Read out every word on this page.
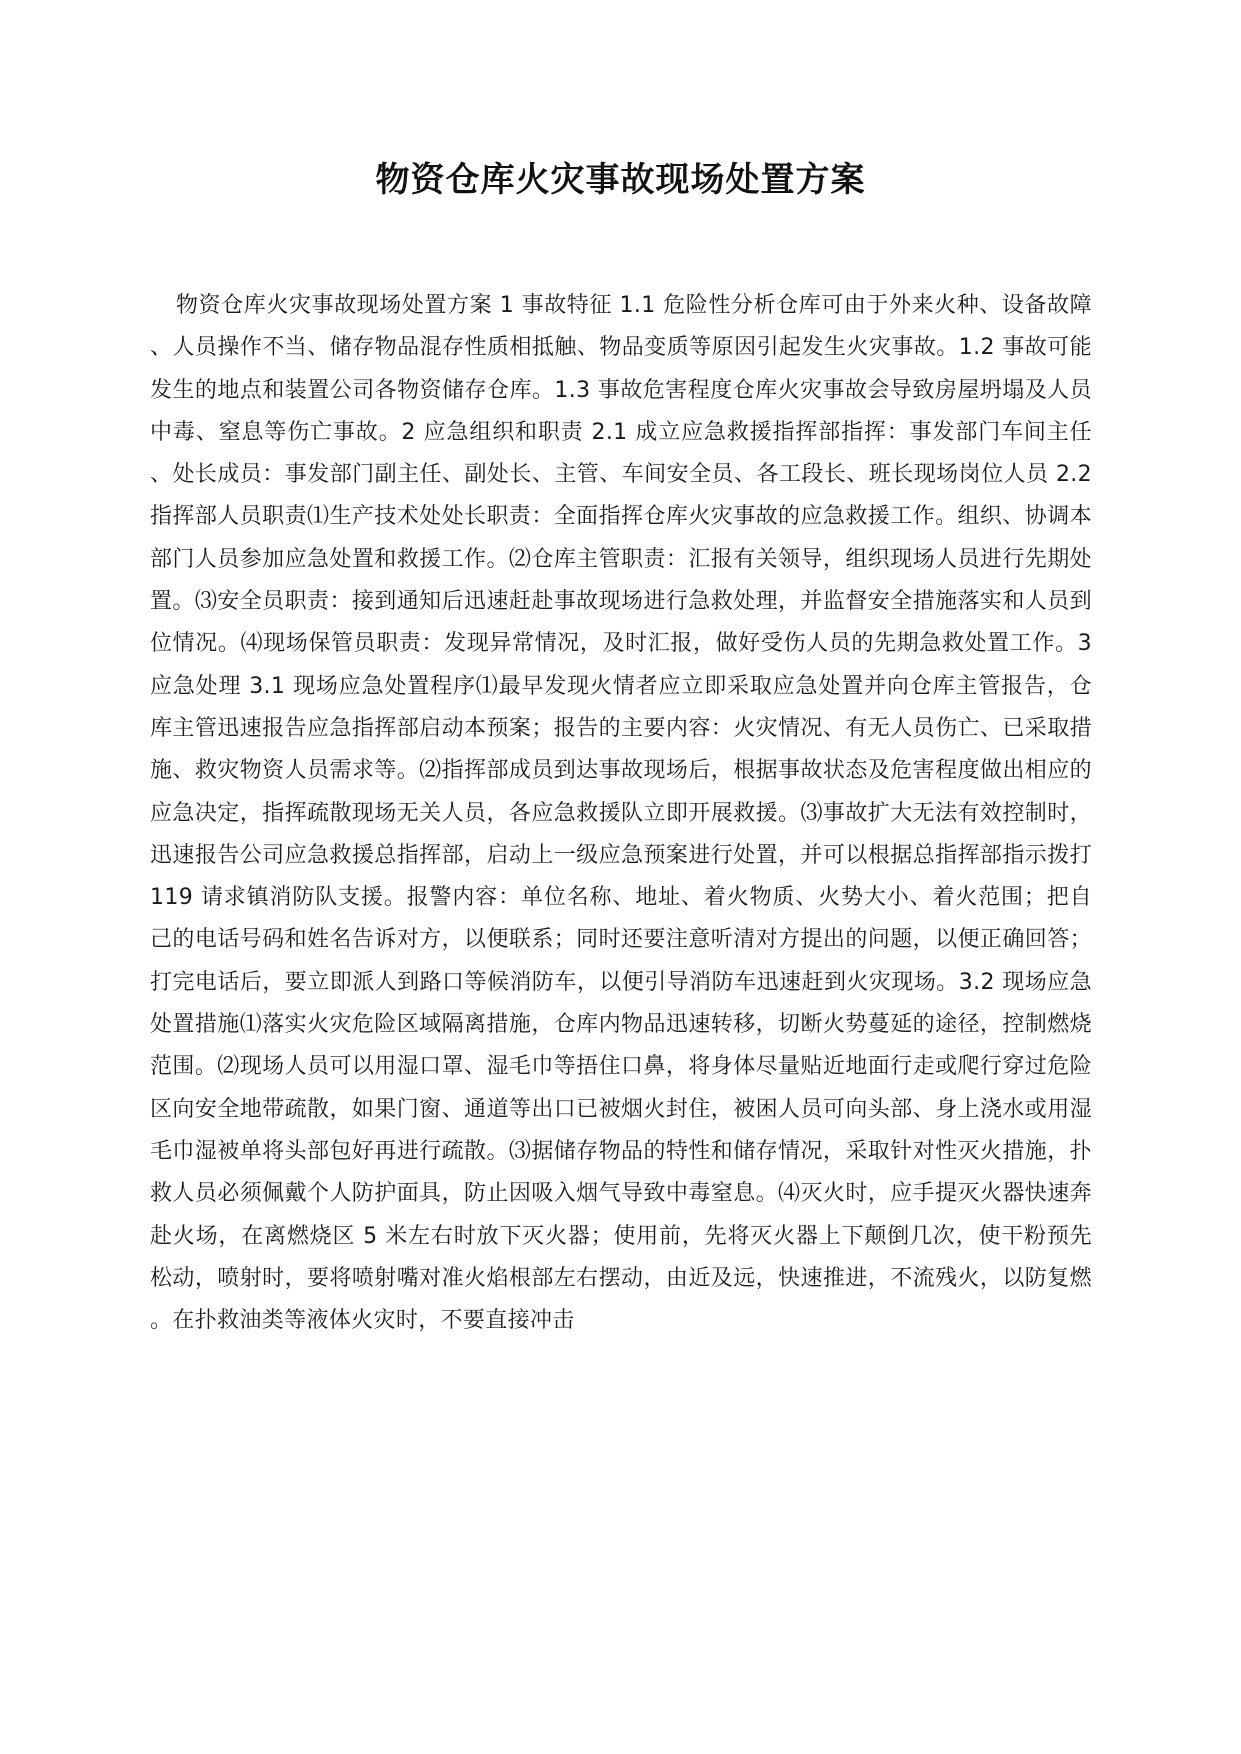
物资仓库火灾事故现场处置方案

物资仓库火灾事故现场处置方案 1 事故特征 1.1 危险性分析仓库可由于外来火种、设备故障、人员操作不当、储存物品混存性质相抵触、物品变质等原因引起发生火灾事故。1.2 事故可能发生的地点和装置公司各物资储存仓库。1.3 事故危害程度仓库火灾事故会导致房屋坍塌及人员中毒、窒息等伤亡事故。2 应急组织和职责 2.1 成立应急救援指挥部指挥：事发部门车间主任、处长成员：事发部门副主任、副处长、主管、车间安全员、各工段长、班长现场岗位人员 2.2 指挥部人员职责⑴生产技术处处长职责：全面指挥仓库火灾事故的应急救援工作。组织、协调本部门人员参加应急处置和救援工作。⑵仓库主管职责：汇报有关领导，组织现场人员进行先期处置。⑶安全员职责：接到通知后迅速赶赴事故现场进行急救处理，并监督安全措施落实和人员到位情况。⑷现场保管员职责：发现异常情况，及时汇报，做好受伤人员的先期急救处置工作。3 应急处理 3.1 现场应急处置程序⑴最早发现火情者应立即采取应急处置并向仓库主管报告，仓库主管迅速报告应急指挥部启动本预案；报告的主要内容：火灾情况、有无人员伤亡、已采取措施、救灾物资人员需求等。⑵指挥部成员到达事故现场后，根据事故状态及危害程度做出相应的应急决定，指挥疏散现场无关人员，各应急救援队立即开展救援。⑶事故扩大无法有效控制时，迅速报告公司应急救援总指挥部，启动上一级应急预案进行处置，并可以根据总指挥部指示拨打 119 请求镇消防队支援。报警内容：单位名称、地址、着火物质、火势大小、着火范围；把自己的电话号码和姓名告诉对方，以便联系；同时还要注意听清对方提出的问题，以便正确回答；打完电话后，要立即派人到路口等候消防车，以便引导消防车迅速赶到火灾现场。3.2 现场应急处置措施⑴落实火灾危险区域隔离措施，仓库内物品迅速转移，切断火势蔓延的途径，控制燃烧范围。⑵现场人员可以用湿口罩、湿毛巾等捂住口鼻，将身体尽量贴近地面行走或爬行穿过危险区向安全地带疏散，如果门窗、通道等出口已被烟火封住，被困人员可向头部、身上浇水或用湿毛巾湿被单将头部包好再进行疏散。⑶据储存物品的特性和储存情况，采取针对性灭火措施，扑救人员必须佩戴个人防护面具，防止因吸入烟气导致中毒窒息。⑷灭火时，应手提灭火器快速奔赴火场，在离燃烧区 5 米左右时放下灭火器；使用前，先将灭火器上下颠倒几次，使干粉预先松动，喷射时，要将喷射嘴对准火焰根部左右摆动，由近及远，快速推进，不流残火，以防复燃。在扑救油类等液体火灾时，不要直接冲击
